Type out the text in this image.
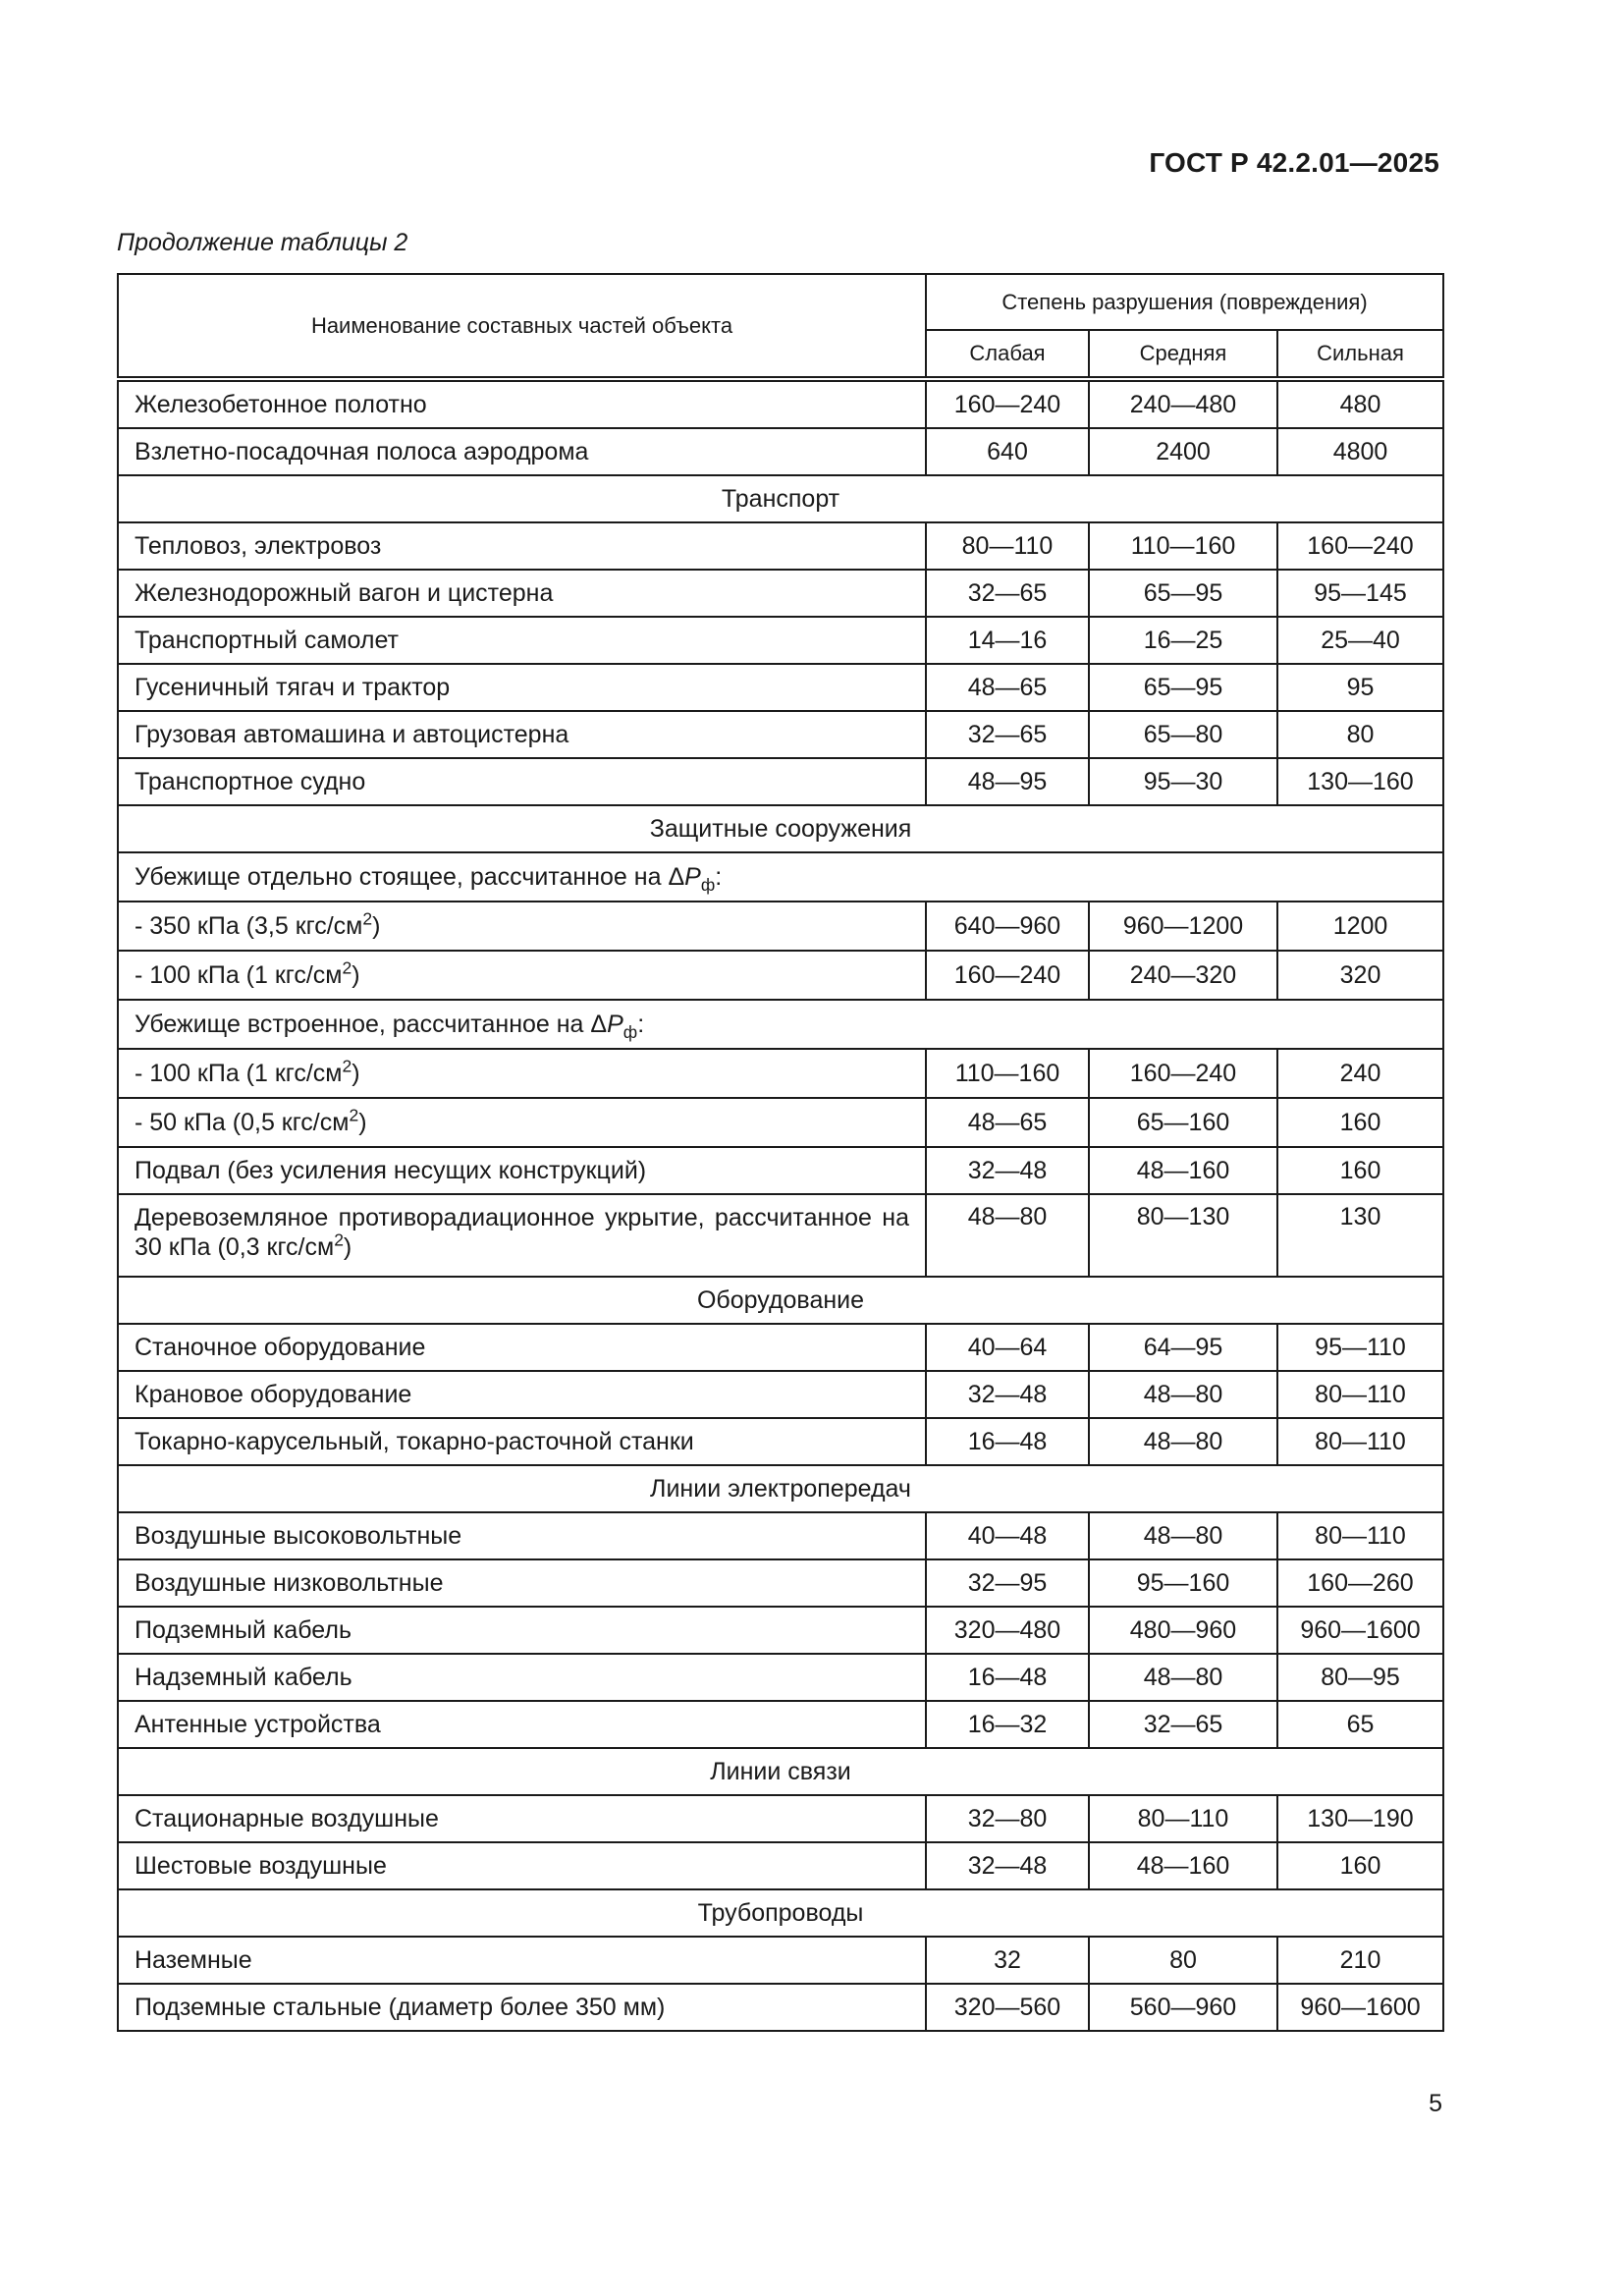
ГОСТ Р 42.2.01—2025
Продолжение таблицы 2
Наименование составных частей объекта	Степень разрушения (повреждения)		
	Слабая	Средняя	Сильная
Железобетонное полотно	160—240	240—480	480
Взлетно-посадочная полоса аэродрома	640	2400	4800
Транспорт			
Тепловоз, электровоз	80—110	110—160	160—240
Железнодорожный вагон и цистерна	32—65	65—95	95—145
Транспортный самолет	14—16	16—25	25—40
Гусеничный тягач и трактор	48—65	65—95	95
Грузовая автомашина и автоцистерна	32—65	65—80	80
Транспортное судно	48—95	95—30	130—160
Защитные сооружения			
Убежище отдельно стоящее, рассчитанное на $\Delta P_ф$:			
- 350 кПа (3,5 кгс/$см^2$)	640—960	960—1200	1200
- 100 кПа (1 кгс/$см^2$)	160—240	240—320	320
Убежище встроенное, рассчитанное на $\Delta P_ф$:			
- 100 кПа (1 кгс/$см^2$)	110—160	160—240	240
- 50 кПа (0,5 кгс/$см^2$)	48—65	65—160	160
Подвал (без усиления несущих конструкций)	32—48	48—160	160
Деревоземляное противорадиационное укрытие, рассчитанное на 30 кПа (0,3 кгс/$см^2$)	48—80	80—130	130
Оборудование			
Станочное оборудование	40—64	64—95	95—110
Крановое оборудование	32—48	48—80	80—110
Токарно-карусельный, токарно-расточной станки	16—48	48—80	80—110
Линии электропередач			
Воздушные высоковольтные	40—48	48—80	80—110
Воздушные низковольтные	32—95	95—160	160—260
Подземный кабель	320—480	480—960	960—1600
Надземный кабель	16—48	48—80	80—95
Антенные устройства	16—32	32—65	65
Линии связи			
Стационарные воздушные	32—80	80—110	130—190
Шестовые воздушные	32—48	48—160	160
Трубопроводы			
Наземные	32	80	210
Подземные стальные (диаметр более 350 мм)	320—560	560—960	960—1600
5
